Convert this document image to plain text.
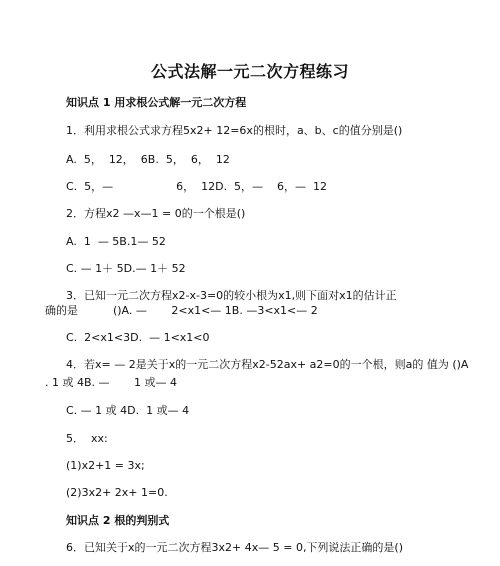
公式法解一元二次方程练习
知识点 1 用求根公式解一元二次方程
1．利用求根公式求方程5x2+ 12=6x的根时，a、b、c的值分别是()
A.  5，  12，  6B.  5，  6，  12
C.  5，—                  6，  12D.  5，—    6，—  12
2．方程x2 —x—1 = 0的一个根是()
A.  1  — 5B.1— 52
C. — 1＋ 5D.— 1＋ 52
3．已知一元二次方程x2-x-3=0的较小根为x1,则下面对x1的估计正
确的是          ()A. —       2<x1<— 1B. —3<x1<— 2
C.  2<x1<3D.  — 1<x1<0
4．若x= — 2是关于x的一元二次方程x2-52ax+ a2=0的一个根，则a的 值为 ()A
. 1 或 4B. —       1 或— 4
C. — 1 或 4D.  1 或— 4
5．  xx:
(1)x2+1 = 3x;
(2)3x2+ 2x+ 1=0.
知识点 2 根的判别式
6．已知关于x的一元二次方程3x2+ 4x— 5 = 0,下列说法正确的是()
